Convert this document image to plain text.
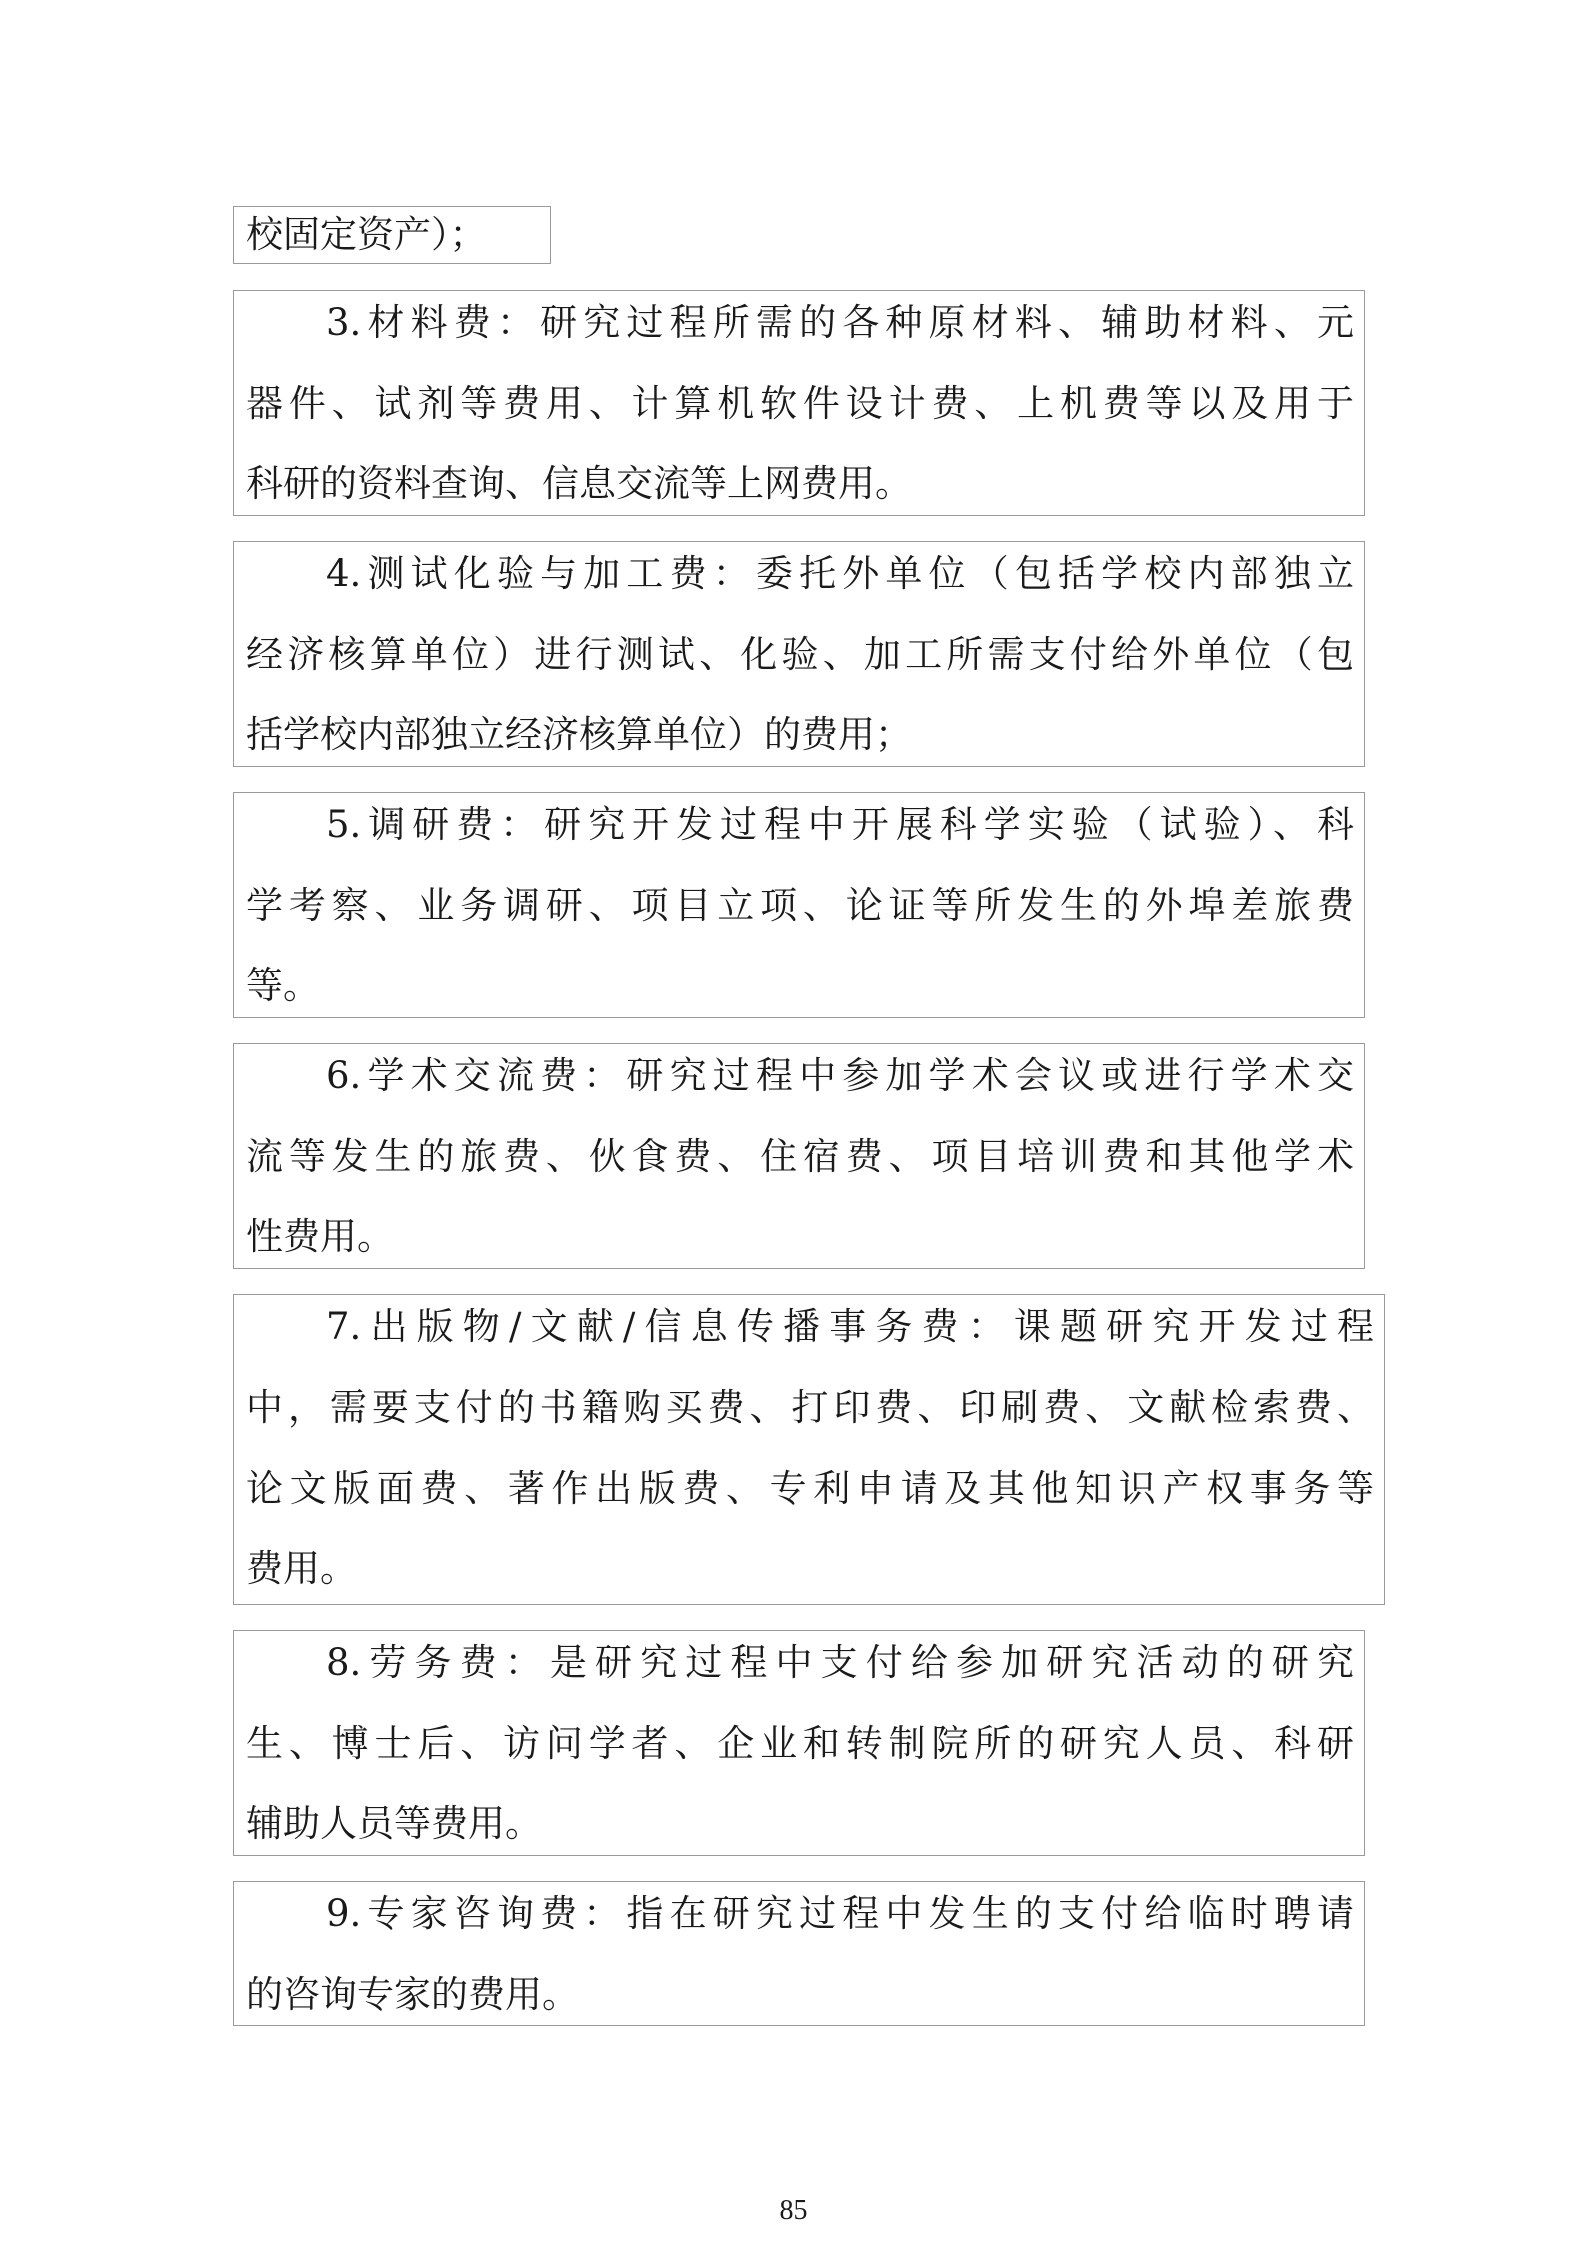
校固定资产）；
3.材料费：研究过程所需的各种原材料、辅助材料、元
器件、试剂等费用、计算机软件设计费、上机费等以及用于
科研的资料查询、信息交流等上网费用。
4.测试化验与加工费：委托外单位（包括学校内部独立
经济核算单位）进行测试、化验、加工所需支付给外单位（包
括学校内部独立经济核算单位）的费用；
5.调研费：研究开发过程中开展科学实验（试验）、科
学考察、业务调研、项目立项、论证等所发生的外埠差旅费
等。
6.学术交流费：研究过程中参加学术会议或进行学术交
流等发生的旅费、伙食费、住宿费、项目培训费和其他学术
性费用。
7.出版物/文献/信息传播事务费：课题研究开发过程
中，需要支付的书籍购买费、打印费、印刷费、文献检索费、
论文版面费、著作出版费、专利申请及其他知识产权事务等
费用。
8.劳务费：是研究过程中支付给参加研究活动的研究
生、博士后、访问学者、企业和转制院所的研究人员、科研
辅助人员等费用。
9.专家咨询费：指在研究过程中发生的支付给临时聘请
的咨询专家的费用。
85
